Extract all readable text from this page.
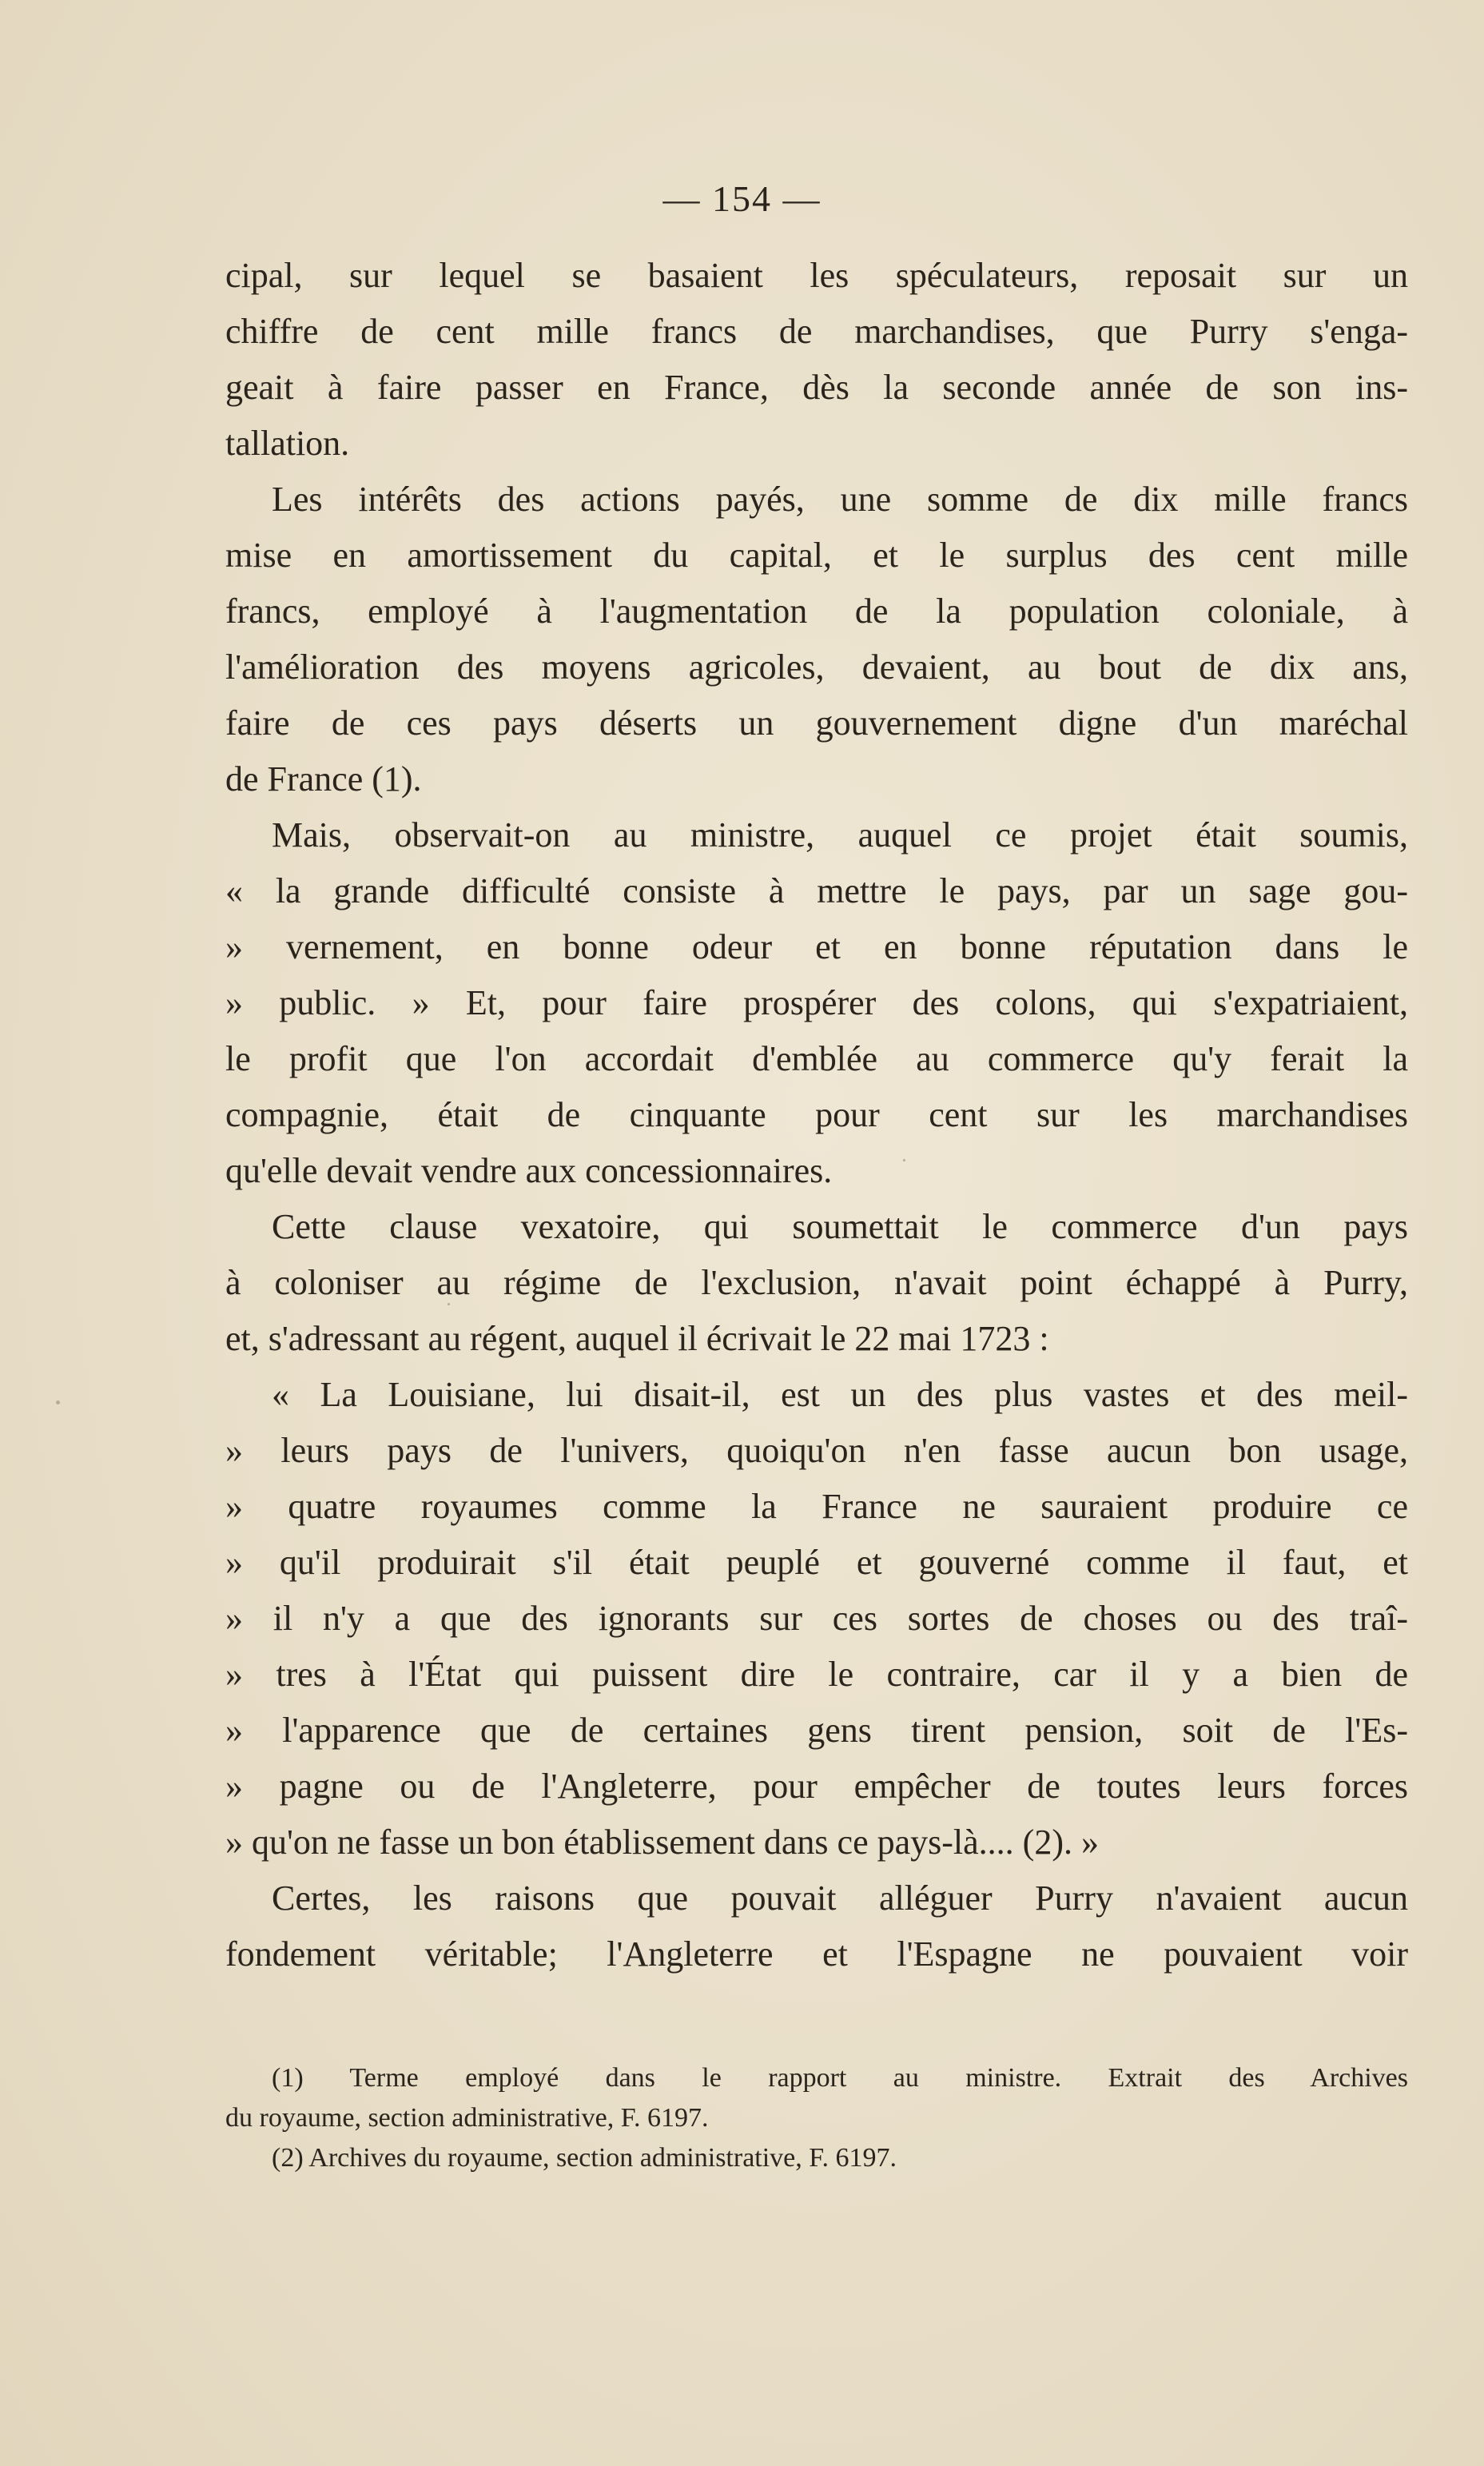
— 154 —
cipal, sur lequel se basaient les spéculateurs, reposait sur un
chiffre de cent mille francs de marchandises, que Purry s'enga-
geait à faire passer en France, dès la seconde année de son ins-
tallation.
Les intérêts des actions payés, une somme de dix mille francs
mise en amortissement du capital, et le surplus des cent mille
francs, employé à l'augmentation de la population coloniale, à
l'amélioration des moyens agricoles, devaient, au bout de dix ans,
faire de ces pays déserts un gouvernement digne d'un maréchal
de France (1).
Mais, observait-on au ministre, auquel ce projet était soumis,
« la grande difficulté consiste à mettre le pays, par un sage gou-
» vernement, en bonne odeur et en bonne réputation dans le
» public. » Et, pour faire prospérer des colons, qui s'expatriaient,
le profit que l'on accordait d'emblée au commerce qu'y ferait la
compagnie, était de cinquante pour cent sur les marchandises
qu'elle devait vendre aux concessionnaires.
Cette clause vexatoire, qui soumettait le commerce d'un pays
à coloniser au régime de l'exclusion, n'avait point échappé à Purry,
et, s'adressant au régent, auquel il écrivait le 22 mai 1723 :
« La Louisiane, lui disait-il, est un des plus vastes et des meil-
» leurs pays de l'univers, quoiqu'on n'en fasse aucun bon usage,
» quatre royaumes comme la France ne sauraient produire ce
» qu'il produirait s'il était peuplé et gouverné comme il faut, et
» il n'y a que des ignorants sur ces sortes de choses ou des traî-
» tres à l'État qui puissent dire le contraire, car il y a bien de
» l'apparence que de certaines gens tirent pension, soit de l'Es-
» pagne ou de l'Angleterre, pour empêcher de toutes leurs forces
» qu'on ne fasse un bon établissement dans ce pays-là.... (2). »
Certes, les raisons que pouvait alléguer Purry n'avaient aucun
fondement véritable; l'Angleterre et l'Espagne ne pouvaient voir
(1) Terme employé dans le rapport au ministre. Extrait des Archives
du royaume, section administrative, F. 6197.
(2) Archives du royaume, section administrative, F. 6197.
